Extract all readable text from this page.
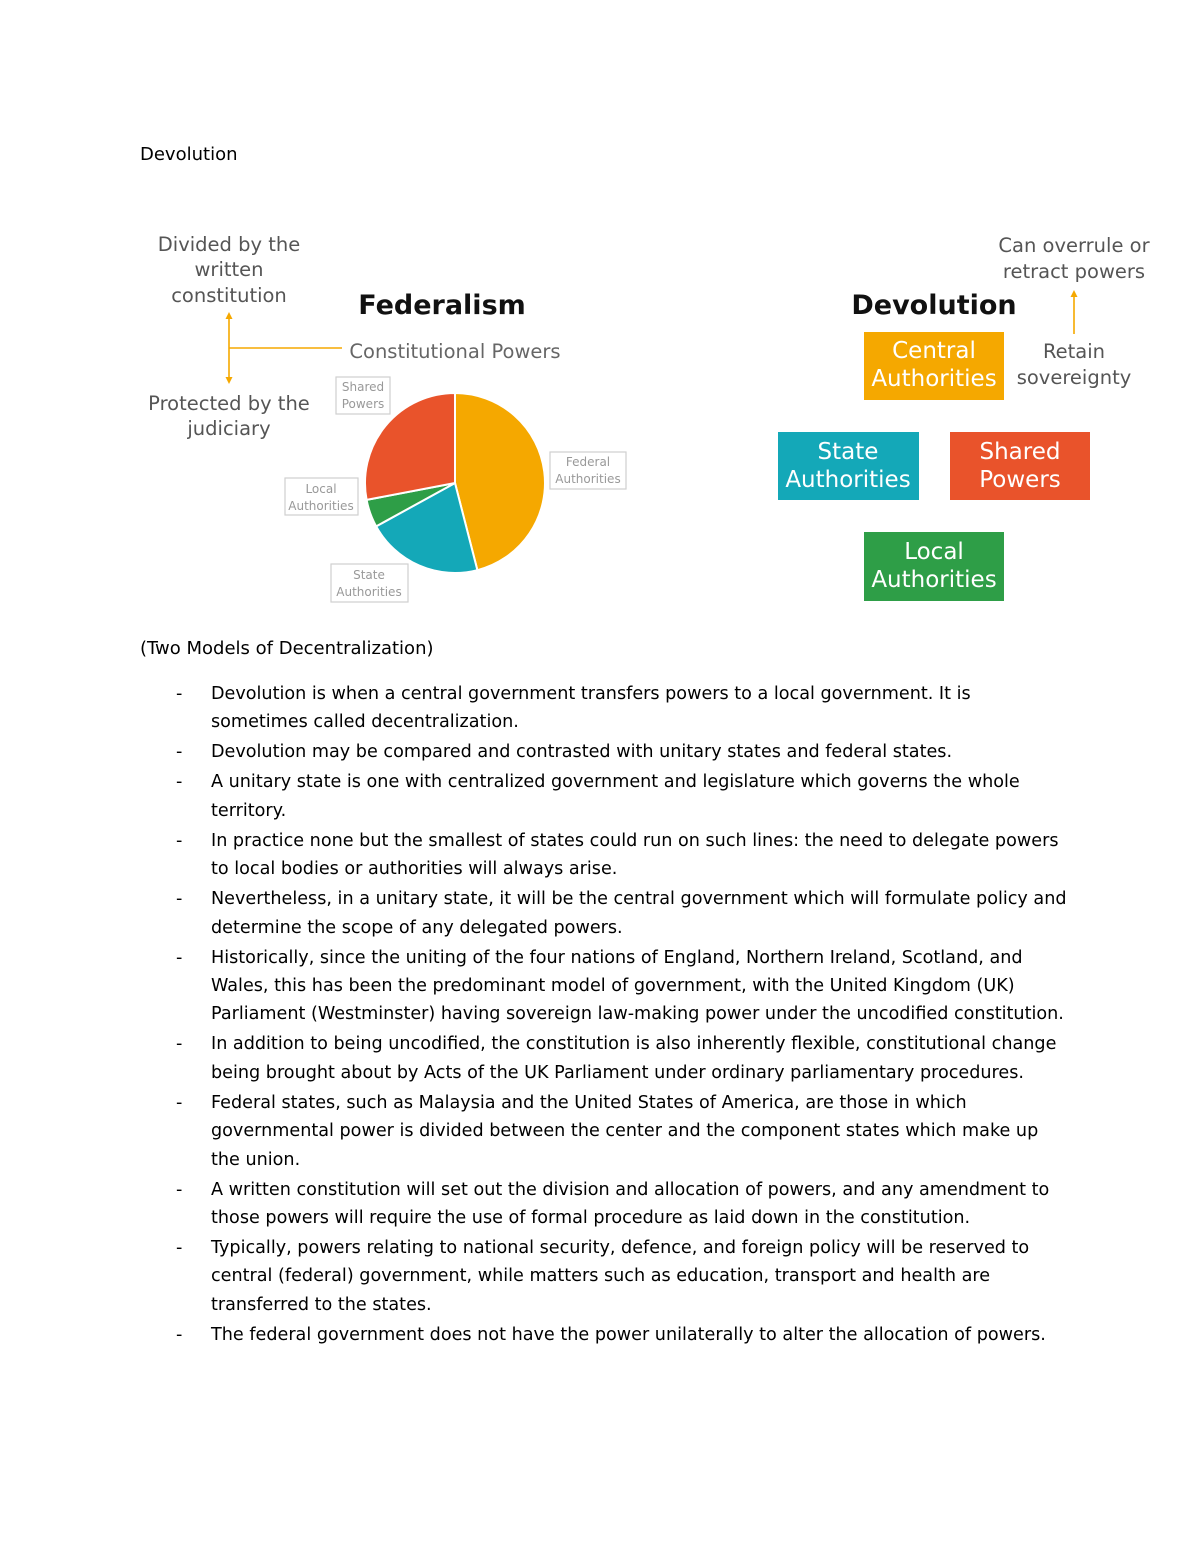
Devolution
Divided by the
written
constitution
Protected by the
judiciary
Federalism
Constitutional Powers
Federal
Authorities
State
Authorities
Local
Authorities
Shared
Powers
Devolution
Can overrule or
retract powers
Retain
sovereignty
Central
Authorities
State
Authorities
Shared
Powers
Local
Authorities
(Two Models of Decentralization)
- Devolution is when a central government transfers powers to a local government. It is sometimes called decentralization.
- Devolution may be compared and contrasted with unitary states and federal states.
- A unitary state is one with centralized government and legislature which governs the whole territory.
- In practice none but the smallest of states could run on such lines: the need to delegate powers to local bodies or authorities will always arise.
- Nevertheless, in a unitary state, it will be the central government which will formulate policy and determine the scope of any delegated powers.
- Historically, since the uniting of the four nations of England, Northern Ireland, Scotland, and Wales, this has been the predominant model of government, with the United Kingdom (UK) Parliament (Westminster) having sovereign law-making power under the uncodified constitution.
- In addition to being uncodified, the constitution is also inherently flexible, constitutional change being brought about by Acts of the UK Parliament under ordinary parliamentary procedures.
- Federal states, such as Malaysia and the United States of America, are those in which governmental power is divided between the center and the component states which make up the union.
- A written constitution will set out the division and allocation of powers, and any amendment to those powers will require the use of formal procedure as laid down in the constitution.
- Typically, powers relating to national security, defence, and foreign policy will be reserved to central (federal) government, while matters such as education, transport and health are transferred to the states.
- The federal government does not have the power unilaterally to alter the allocation of powers.
